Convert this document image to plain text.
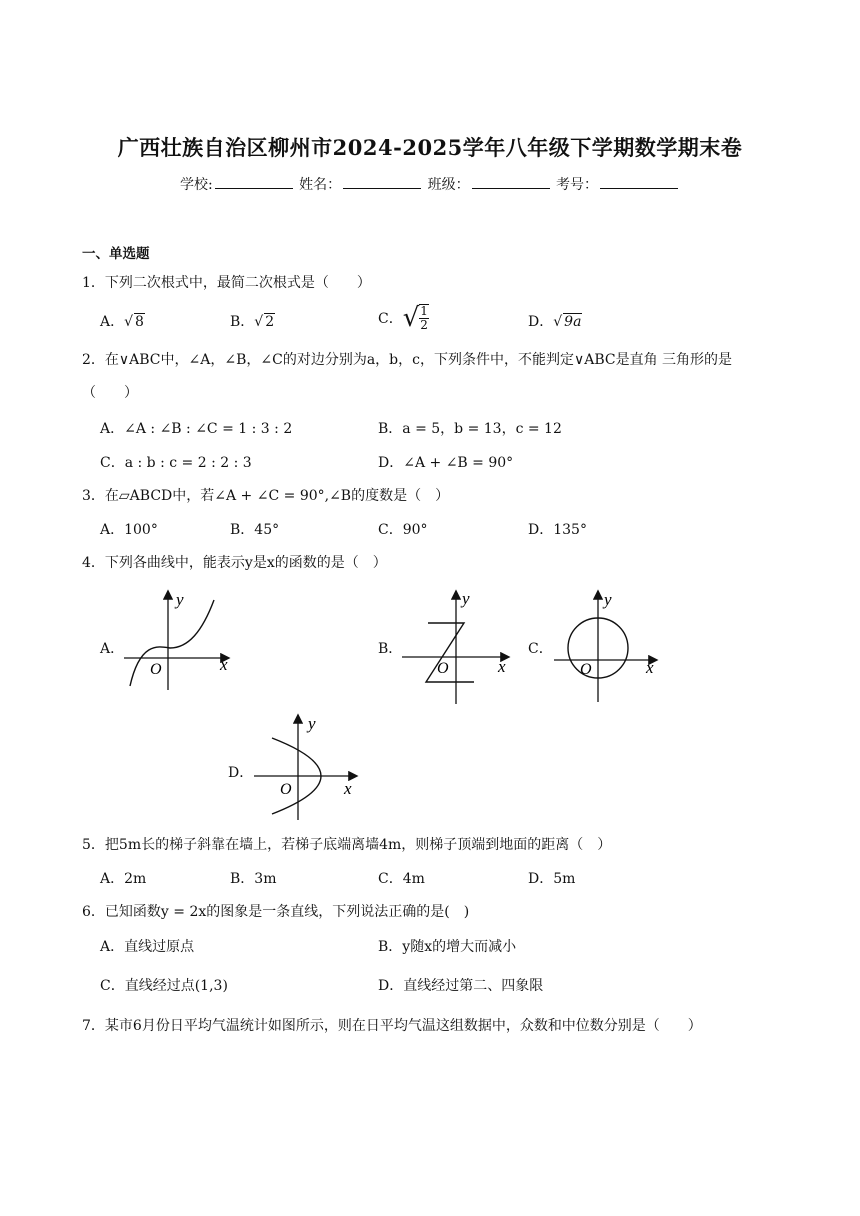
广西壮族自治区柳州市2024-2025学年八年级下学期数学期末卷
学校:	姓名：	班级：	考号：
一、单选题
1．下列二次根式中，最简二次根式是（　　）
A．√ 8	B．√ 2	C．√ $\frac{1}{2}$	D．√ 9a
2．在∨ABC中，∠A，∠B，∠C的对边分别为a，b，c，下列条件中，不能判定∨ABC是直角 三角形的是
（　　）
A．∠A : ∠B : ∠C = 1 : 3 : 2	B．a = 5，b = 13，c = 12
C．a : b : c = 2 : 2 : 3	D．∠A + ∠B = 90°
3．在▱ABCD中，若∠A + ∠C = 90°,∠B的度数是（　）
A．100°	B．45°	C．90°	D．135°
4．下列各曲线中，能表示y是x的函数的是（　）
A．
y
x
O
B．
y
x
O
C．
y
x
O
D．
y
x
O
5．把5m长的梯子斜靠在墙上，若梯子底端离墙4m，则梯子顶端到地面的距离（　）
A．2m	B．3m	C．4m	D．5m
6．已知函数y = 2x的图象是一条直线，下列说法正确的是(　)
A．直线过原点	B．y随x的增大而减小
C．直线经过点(1,3)	D．直线经过第二、四象限
7．某市6月份日平均气温统计如图所示，则在日平均气温这组数据中，众数和中位数分别是（　　）
